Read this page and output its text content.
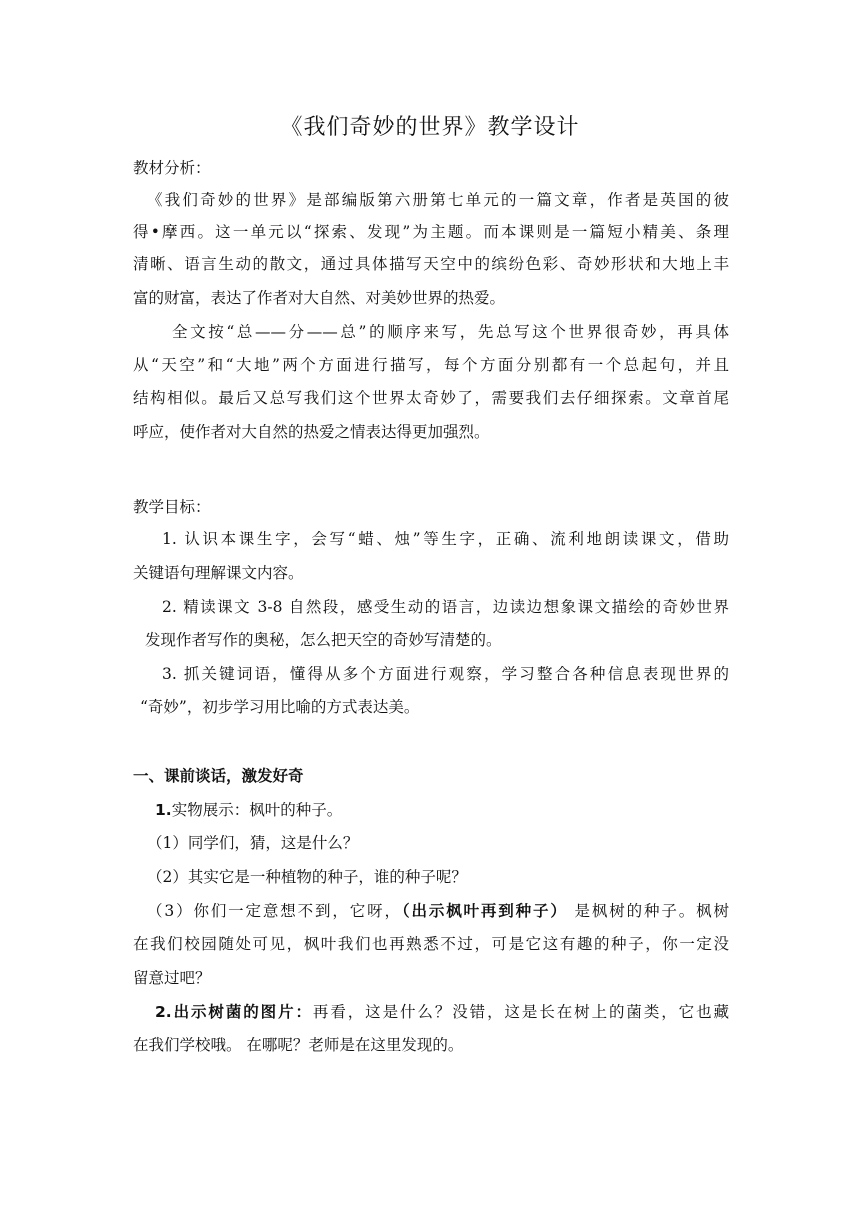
《我们奇妙的世界》教学设计
教材分析：
《我们奇妙的世界》是部编版第六册第七单元的一篇文章，作者是英国的彼
得•摩西。这一单元以“探索、发现”为主题。而本课则是一篇短小精美、条理
清晰、语言生动的散文，通过具体描写天空中的缤纷色彩、奇妙形状和大地上丰
富的财富，表达了作者对大自然、对美妙世界的热爱。
全文按“总——分——总”的顺序来写，先总写这个世界很奇妙，再具体
从“天空”和“大地”两个方面进行描写，每个方面分别都有一个总起句，并且
结构相似。最后又总写我们这个世界太奇妙了，需要我们去仔细探索。文章首尾
呼应，使作者对大自然的热爱之情表达得更加强烈。
教学目标：
1. 认识本课生字，会写“蜡、烛”等生字，正确、流利地朗读课文，借助
关键语句理解课文内容。
2. 精读课文 3-8 自然段，感受生动的语言，边读边想象课文描绘的奇妙世界
发现作者写作的奥秘，怎么把天空的奇妙写清楚的。
3. 抓关键词语，懂得从多个方面进行观察，学习整合各种信息表现世界的
“奇妙”，初步学习用比喻的方式表达美。
一、课前谈话，激发好奇
1.实物展示：枫叶的种子。
（1）同学们，猜，这是什么？
（2）其实它是一种植物的种子，谁的种子呢？
（3）你们一定意想不到，它呀，（出示枫叶再到种子） 是枫树的种子。枫树
在我们校园随处可见，枫叶我们也再熟悉不过，可是它这有趣的种子，你一定没
留意过吧？
2.出示树菌的图片：再看，这是什么？没错，这是长在树上的菌类，它也藏
在我们学校哦。 在哪呢？老师是在这里发现的。
